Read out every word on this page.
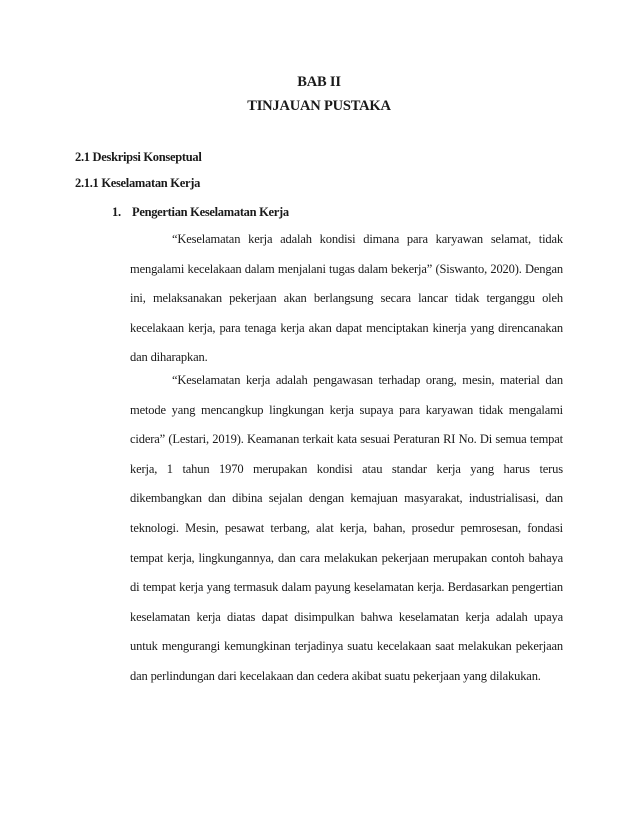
BAB II
TINJAUAN PUSTAKA
2.1 Deskripsi Konseptual
2.1.1 Keselamatan Kerja
1. Pengertian Keselamatan Kerja

“Keselamatan kerja adalah kondisi dimana para karyawan selamat, tidak mengalami kecelakaan dalam menjalani tugas dalam bekerja” (Siswanto, 2020). Dengan ini, melaksanakan pekerjaan akan berlangsung secara lancar tidak terganggu oleh kecelakaan kerja, para tenaga kerja akan dapat menciptakan kinerja yang direncanakan dan diharapkan.

“Keselamatan kerja adalah pengawasan terhadap orang, mesin, material dan metode yang mencangkup lingkungan kerja supaya para karyawan tidak mengalami cidera” (Lestari, 2019). Keamanan terkait kata sesuai Peraturan RI No. Di semua tempat kerja, 1 tahun 1970 merupakan kondisi atau standar kerja yang harus terus dikembangkan dan dibina sejalan dengan kemajuan masyarakat, industrialisasi, dan teknologi. Mesin, pesawat terbang, alat kerja, bahan, prosedur pemrosesan, fondasi tempat kerja, lingkungannya, dan cara melakukan pekerjaan merupakan contoh bahaya di tempat kerja yang termasuk dalam payung keselamatan kerja. Berdasarkan pengertian keselamatan kerja diatas dapat disimpulkan bahwa keselamatan kerja adalah upaya untuk mengurangi kemungkinan terjadinya suatu kecelakaan saat melakukan pekerjaan dan perlindungan dari kecelakaan dan cedera akibat suatu pekerjaan yang dilakukan.
